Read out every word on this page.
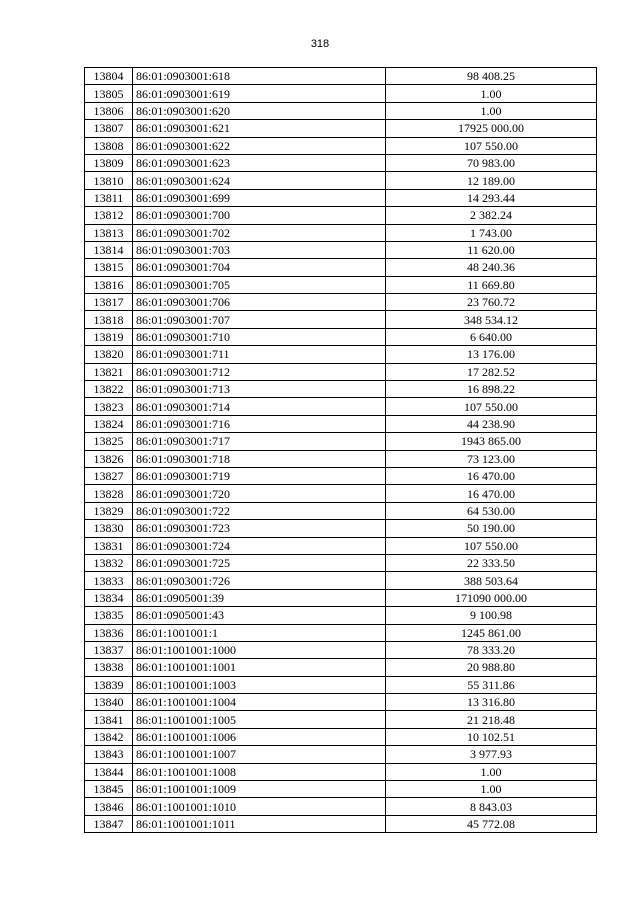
318
13804	86:01:0903001:618	98 408.25
13805	86:01:0903001:619	1.00
13806	86:01:0903001:620	1.00
13807	86:01:0903001:621	17925 000.00
13808	86:01:0903001:622	107 550.00
13809	86:01:0903001:623	70 983.00
13810	86:01:0903001:624	12 189.00
13811	86:01:0903001:699	14 293.44
13812	86:01:0903001:700	2 382.24
13813	86:01:0903001:702	1 743.00
13814	86:01:0903001:703	11 620.00
13815	86:01:0903001:704	48 240.36
13816	86:01:0903001:705	11 669.80
13817	86:01:0903001:706	23 760.72
13818	86:01:0903001:707	348 534.12
13819	86:01:0903001:710	6 640.00
13820	86:01:0903001:711	13 176.00
13821	86:01:0903001:712	17 282.52
13822	86:01:0903001:713	16 898.22
13823	86:01:0903001:714	107 550.00
13824	86:01:0903001:716	44 238.90
13825	86:01:0903001:717	1943 865.00
13826	86:01:0903001:718	73 123.00
13827	86:01:0903001:719	16 470.00
13828	86:01:0903001:720	16 470.00
13829	86:01:0903001:722	64 530.00
13830	86:01:0903001:723	50 190.00
13831	86:01:0903001:724	107 550.00
13832	86:01:0903001:725	22 333.50
13833	86:01:0903001:726	388 503.64
13834	86:01:0905001:39	171090 000.00
13835	86:01:0905001:43	9 100.98
13836	86:01:1001001:1	1245 861.00
13837	86:01:1001001:1000	78 333.20
13838	86:01:1001001:1001	20 988.80
13839	86:01:1001001:1003	55 311.86
13840	86:01:1001001:1004	13 316.80
13841	86:01:1001001:1005	21 218.48
13842	86:01:1001001:1006	10 102.51
13843	86:01:1001001:1007	3 977.93
13844	86:01:1001001:1008	1.00
13845	86:01:1001001:1009	1.00
13846	86:01:1001001:1010	8 843.03
13847	86:01:1001001:1011	45 772.08
